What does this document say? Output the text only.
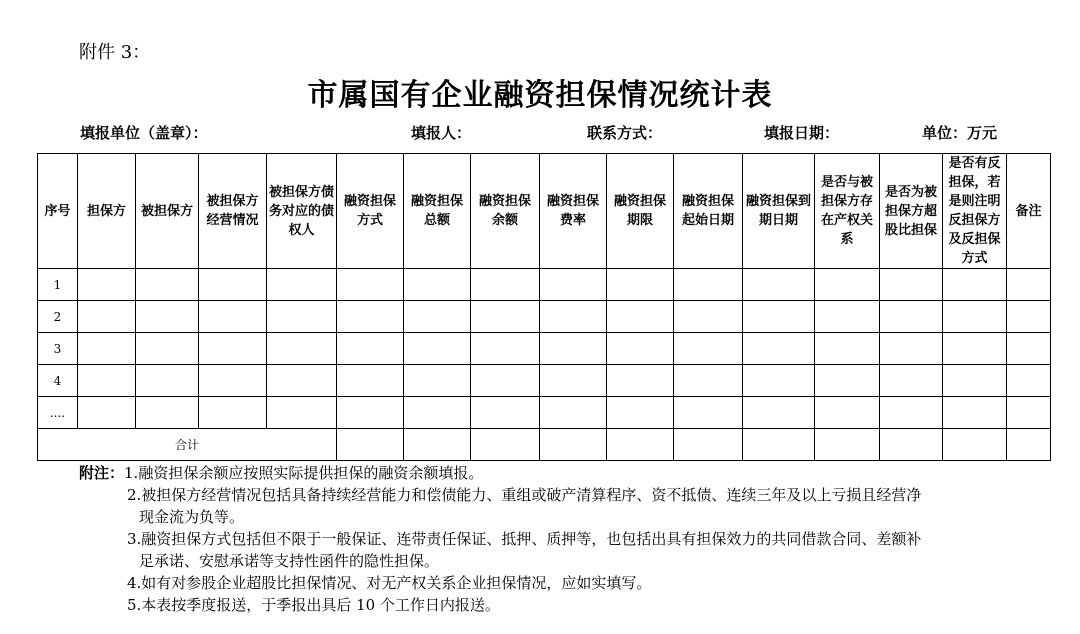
附件 3：
市属国有企业融资担保情况统计表
填报单位（盖章）：	填报人：	联系方式：	填报日期：	单位：万元
序号	担保方	被担保方	被担保方经营情况	被担保方债务对应的债权人	融资担保方式	融资担保总额	融资担保余额	融资担保费率	融资担保期限	融资担保起始日期	融资担保到期日期	是否与被担保方存在产权关系	是否为被担保方超股比担保	是否有反担保，若是则注明反担保方及反担保方式	备注
1															
2															
3															
4															
....															
合计															
附注：1.融资担保余额应按照实际提供担保的融资余额填报。
2.被担保方经营情况包括具备持续经营能力和偿债能力、重组或破产清算程序、资不抵债、连续三年及以上亏损且经营净
现金流为负等。
3.融资担保方式包括但不限于一般保证、连带责任保证、抵押、质押等，也包括出具有担保效力的共同借款合同、差额补
足承诺、安慰承诺等支持性函件的隐性担保。
4.如有对参股企业超股比担保情况、对无产权关系企业担保情况，应如实填写。
5.本表按季度报送，于季报出具后 10 个工作日内报送。
